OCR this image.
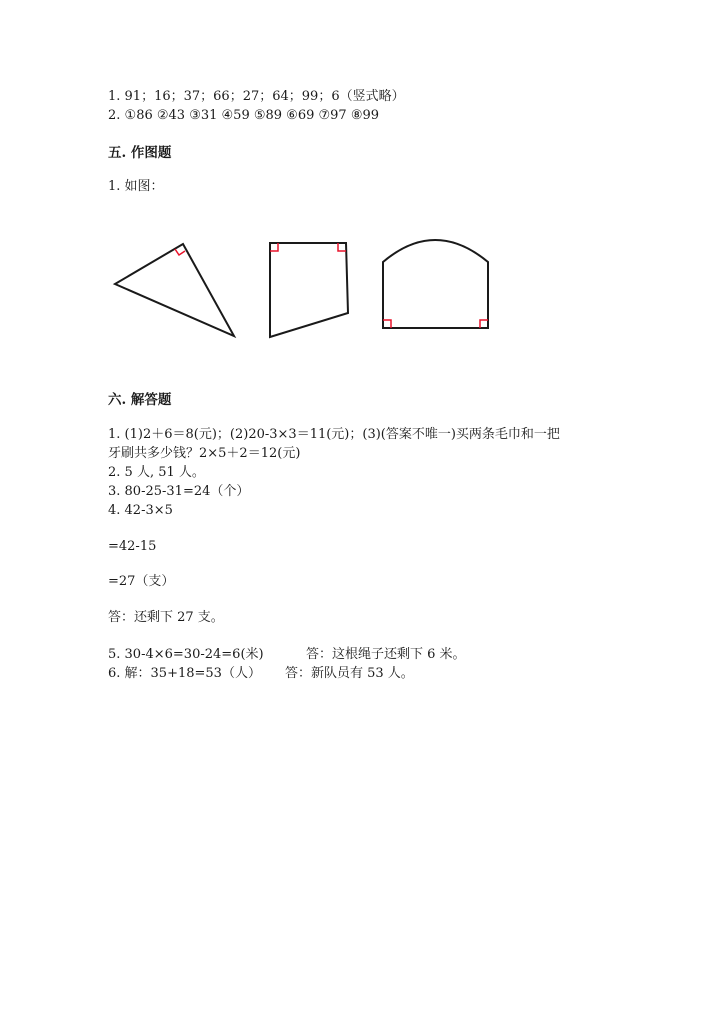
1. 91；16；37；66；27；64；99；6（竖式略）
2. ①86 ②43 ③31 ④59 ⑤89 ⑥69 ⑦97 ⑧99
五. 作图题
1. 如图：
六. 解答题
1. (1)2＋6＝8(元)；(2)20-3×3＝11(元)；(3)(答案不唯一)买两条毛巾和一把
牙刷共多少钱？2×5＋2＝12(元)
2. 5 人, 51 人。
3. 80-25-31=24（个）
4. 42-3×5
=42-15
=27（支）
答：还剩下 27 支。
5. 30-4×6=30-24=6(米)	答：这根绳子还剩下 6 米。
6. 解：35+18=53（人） 答：新队员有 53 人。
